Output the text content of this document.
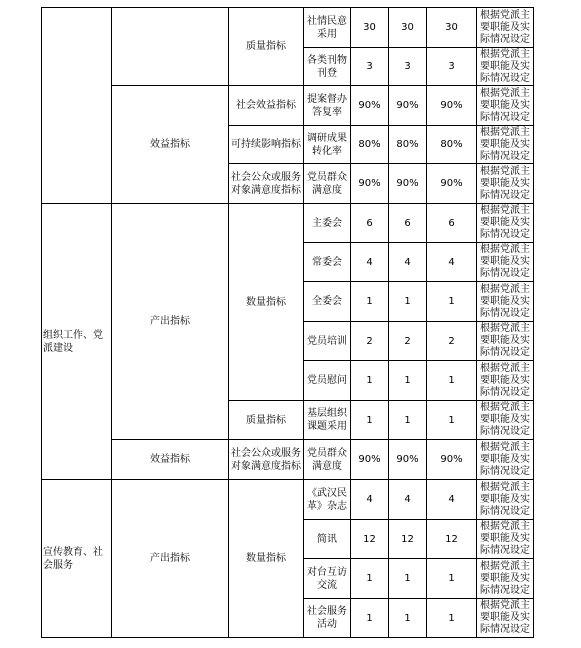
		质量指标	社情民意采用	30	30	30	根据党派主要职能及实际情况设定
			各类刊物刊登	3	3	3	根据党派主要职能及实际情况设定
	效益指标	社会效益指标	提案督办答复率	90%	90%	90%	根据党派主要职能及实际情况设定
		可持续影响指标	调研成果转化率	80%	80%	80%	根据党派主要职能及实际情况设定
		社会公众或服务对象满意度指标	党员群众满意度	90%	90%	90%	根据党派主要职能及实际情况设定
组织工作、党派建设	产出指标	数量指标	主委会	6	6	6	根据党派主要职能及实际情况设定
			常委会	4	4	4	根据党派主要职能及实际情况设定
			全委会	1	1	1	根据党派主要职能及实际情况设定
			党员培训	2	2	2	根据党派主要职能及实际情况设定
			党员慰问	1	1	1	根据党派主要职能及实际情况设定
		质量指标	基层组织课题采用	1	1	1	根据党派主要职能及实际情况设定
	效益指标	社会公众或服务对象满意度指标	党员群众满意度	90%	90%	90%	根据党派主要职能及实际情况设定
宣传教育、社会服务	产出指标	数量指标	《武汉民革》杂志	4	4	4	根据党派主要职能及实际情况设定
			简讯	12	12	12	根据党派主要职能及实际情况设定
			对台互访交流	1	1	1	根据党派主要职能及实际情况设定
			社会服务活动	1	1	1	根据党派主要职能及实际情况设定
